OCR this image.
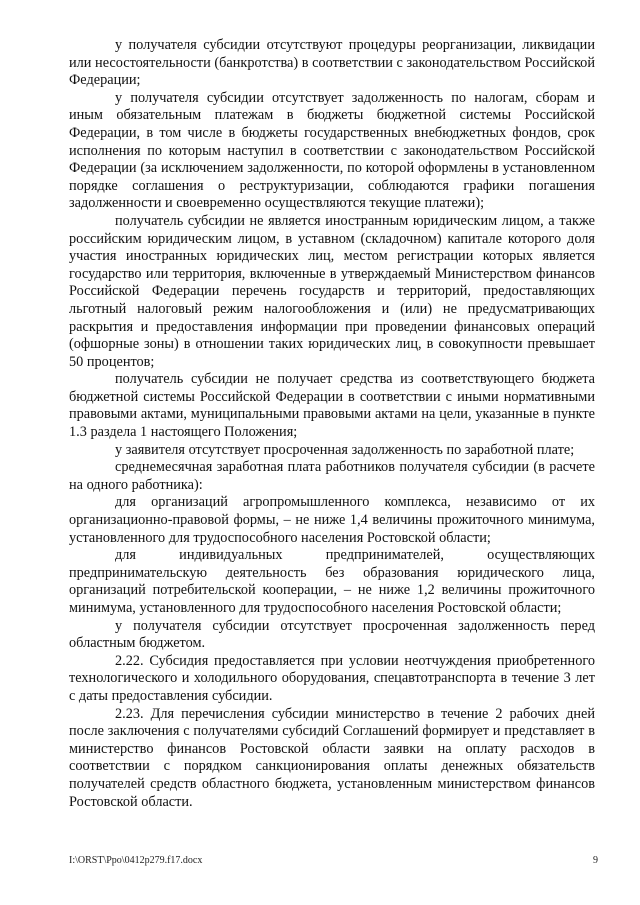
у получателя субсидии отсутствуют процедуры реорганизации, ликвидации или несостоятельности (банкротства) в соответствии с законодательством Российской Федерации;

у получателя субсидии отсутствует задолженность по налогам, сборам и иным обязательным платежам в бюджеты бюджетной системы Российской Федерации, в том числе в бюджеты государственных внебюджетных фондов, срок исполнения по которым наступил в соответствии с законодательством Российской Федерации (за исключением задолженности, по которой оформлены в установленном порядке соглашения о реструктуризации, соблюдаются графики погашения задолженности и своевременно осуществляются текущие платежи);

получатель субсидии не является иностранным юридическим лицом, а также российским юридическим лицом, в уставном (складочном) капитале которого доля участия иностранных юридических лиц, местом регистрации которых является государство или территория, включенные в утверждаемый Министерством финансов Российской Федерации перечень государств и территорий, предоставляющих льготный налоговый режим налогообложения и (или) не предусматривающих раскрытия и предоставления информации при проведении финансовых операций (офшорные зоны) в отношении таких юридических лиц, в совокупности превышает 50 процентов;

получатель субсидии не получает средства из соответствующего бюджета бюджетной системы Российской Федерации в соответствии с иными нормативными правовыми актами, муниципальными правовыми актами на цели, указанные в пункте 1.3 раздела 1 настоящего Положения;

у заявителя отсутствует просроченная задолженность по заработной плате;

среднемесячная заработная плата работников получателя субсидии (в расчете на одного работника):

для организаций агропромышленного комплекса, независимо от их организационно-правовой формы, – не ниже 1,4 величины прожиточного минимума, установленного для трудоспособного населения Ростовской области;

для индивидуальных предпринимателей, осуществляющих предпринимательскую деятельность без образования юридического лица, организаций потребительской кооперации, – не ниже 1,2 величины прожиточного минимума, установленного для трудоспособного населения Ростовской области;

у получателя субсидии отсутствует просроченная задолженность перед областным бюджетом.

2.22. Субсидия предоставляется при условии неотчуждения приобретенного технологического и холодильного оборудования, спецавтотранспорта в течение 3 лет с даты предоставления субсидии.

2.23. Для перечисления субсидии министерство в течение 2 рабочих дней после заключения с получателями субсидий Соглашений формирует и представляет в министерство финансов Ростовской области заявки на оплату расходов в соответствии с порядком санкционирования оплаты денежных обязательств получателей средств областного бюджета, установленным министерством финансов Ростовской области.

I:\ORST\Ppo\0412p279.f17.docx	9
